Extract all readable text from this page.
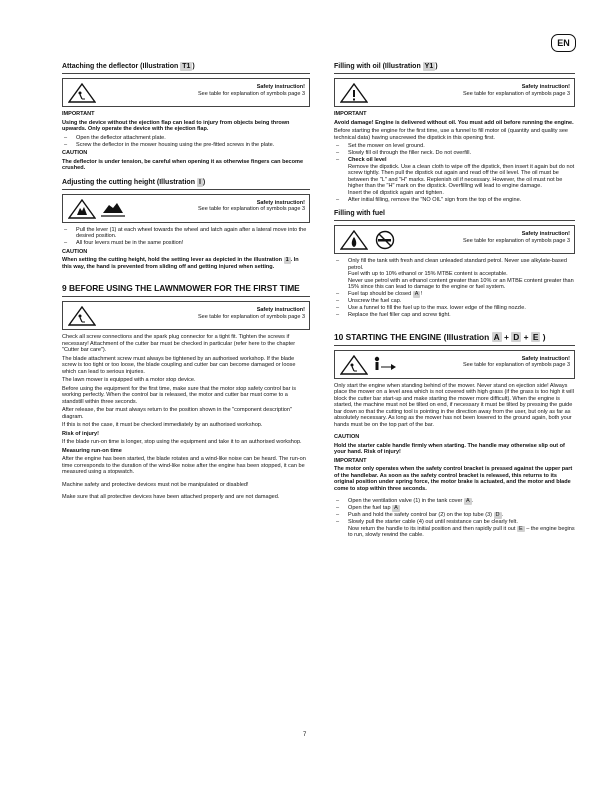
EN
Attaching the deflector (Illustration T1 )
Safety instruction!
See table for explanation of symbols page 3

IMPORTANT

Using the device without the ejection flap can lead to injury from objects being thrown upwards. Only operate the device with the ejection flap.

– Open the deflector attachment plate.
– Screw the deflector in the mower housing using the pre-fitted screws in the plate.

CAUTION

The deflector is under tension, be careful when opening it as otherwise fingers can become crushed.

Adjusting the cutting height (Illustration I )
Safety instruction!
See table for explanation of symbols page 3
– Pull the lever (1) at each wheel towards the wheel and latch again after a lateral move into the desired position.
– All four levers must be in the same position!

CAUTION

When setting the cutting height, hold the setting lever as depicted in the illustration 1 . In this way, the hand is prevented from sliding off and getting injured when setting.

9 BEFORE USING THE LAWNMOWER FOR THE FIRST TIME
Safety instruction!
See table for explanation of symbols page 3

Check all screw connections and the spark plug connector for a tight fit. Tighten the screws if necessary! Attachment of the cutter bar must be checked in particular (refer here to the chapter "Cutter bar care").

The blade attachment screw must always be tightened by an authorised workshop. If the blade screw is too tight or too loose, the blade coupling and cutter bar can become damaged or loose which can lead to serious injuries.

The lawn mower is equipped with a motor stop device.

Before using the equipment for the first time, make sure that the motor stop safety control bar is working perfectly. When the control bar is released, the motor and cutter bar must come to a standstill within three seconds.

After release, the bar must always return to the position shown in the "component description" diagram.

If this is not the case, it must be checked immediately by an authorised workshop.

Risk of injury!

If the blade run-on time is longer, stop using the equipment and take it to an authorised workshop.

Measuring run-on time

After the engine has been started, the blade rotates and a wind-like noise can be heard. The run-on time corresponds to the duration of the wind-like noise after the engine has been stopped, it can be measured using a stopwatch.

Machine safety and protective devices must not be manipulated or disabled!

Make sure that all protective devices have been attached properly and are not damaged.

Filling with oil (Illustration Y1 )
Safety instruction!
See table for explanation of symbols page 3

IMPORTANT

Avoid damage! Engine is delivered without oil. You must add oil before running the engine.

Before starting the engine for the first time, use a funnel to fill motor oil (quantity and quality see technical data) having unscrewed the dipstick in this opening first.

– Set the mower on level ground.
– Slowly fill oil through the filler neck. Do not overfill.
– Check oil level
Remove the dipstick. Use a clean cloth to wipe off the dipstick, then insert it again but do not screw tightly. Then pull the dipstick out again and read off the oil level. The oil must be between the "L" and "H" marks. Replenish oil if necessary. However, the oil must not be higher than the "H" mark on the dipstick. Overfilling will lead to engine damage.
Insert the oil dipstick again and tighten.
– After initial filling, remove the "NO OIL" sign from the top of the engine.
Filling with fuel
Safety instruction!
See table for explanation of symbols page 3
– Only fill the tank with fresh and clean unleaded standard petrol. Never use alkylate-based petrol.
Fuel with up to 10% ethanol or 15% MTBE content is acceptable.
Never use petrol with an ethanol content greater than 10% or an MTBE content greater than 15% since this can lead to damage to the engine or fuel system.
– Fuel tap should be closed A !
– Unscrew the fuel cap.
– Use a funnel to fill the fuel up to the max. lower edge of the filling nozzle.
– Replace the fuel filler cap and screw tight.
10 STARTING THE ENGINE (Illustration A + D + E )
Safety instruction!
See table for explanation of symbols page 3

Only start the engine when standing behind of the mower. Never stand on ejection side! Always place the mower on a level area which is not covered with high grass (if the grass is too high it will block the cutter bar start-up and make starting the mower more difficult). When the engine is started, the machine must not be tilted on end, if necessary it must be tilted by pressing the guide bar down so that the cutting tool is pointing in the direction away from the user, but only as far as absolutely necessary. As long as the mower has not been lowered to the ground again, both your hands must be on the top part of the bar.

CAUTION

Hold the starter cable handle firmly when starting. The handle may otherwise slip out of your hand. Risk of injury!

IMPORTANT

The motor only operates when the safety control bracket is pressed against the upper part of the handlebar. As soon as the safety control bracket is released, this returns to its original position under spring force, the motor brake is actuated, and the motor and blade come to stop within three seconds.

– Open the ventilation valve (1) in the tank cover A .
– Open the fuel tap A
– Push and hold the safety control bar (2) on the top tube (3) D .
– Slowly pull the starter cable (4) out until resistance can be clearly felt.
Now return the handle to its initial position and then rapidly pull it out E – the engine begins to run, slowly rewind the cable.
7
